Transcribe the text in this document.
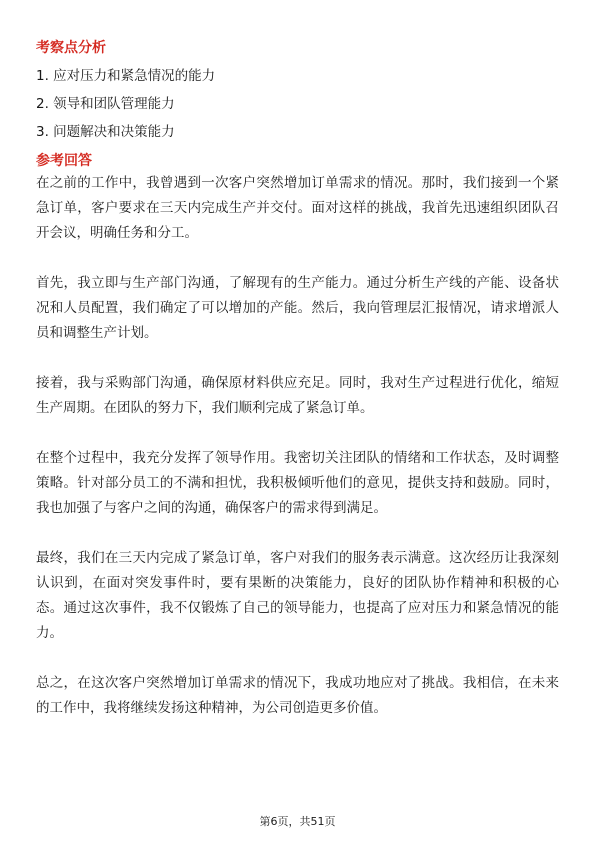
考察点分析
1. 应对压力和紧急情况的能力
2. 领导和团队管理能力
3. 问题解决和决策能力
参考回答

在之前的工作中，我曾遇到一次客户突然增加订单需求的情况。那时，我们接到一个紧急订单，客户要求在三天内完成生产并交付。面对这样的挑战，我首先迅速组织团队召开会议，明确任务和分工。

首先，我立即与生产部门沟通，了解现有的生产能力。通过分析生产线的产能、设备状况和人员配置，我们确定了可以增加的产能。然后，我向管理层汇报情况，请求增派人员和调整生产计划。

接着，我与采购部门沟通，确保原材料供应充足。同时，我对生产过程进行优化，缩短生产周期。在团队的努力下，我们顺利完成了紧急订单。

在整个过程中，我充分发挥了领导作用。我密切关注团队的情绪和工作状态，及时调整策略。针对部分员工的不满和担忧，我积极倾听他们的意见，提供支持和鼓励。同时，我也加强了与客户之间的沟通，确保客户的需求得到满足。

最终，我们在三天内完成了紧急订单，客户对我们的服务表示满意。这次经历让我深刻认识到，在面对突发事件时，要有果断的决策能力，良好的团队协作精神和积极的心态。通过这次事件，我不仅锻炼了自己的领导能力，也提高了应对压力和紧急情况的能力。

总之，在这次客户突然增加订单需求的情况下，我成功地应对了挑战。我相信，在未来的工作中，我将继续发扬这种精神，为公司创造更多价值。

第6页，共51页
